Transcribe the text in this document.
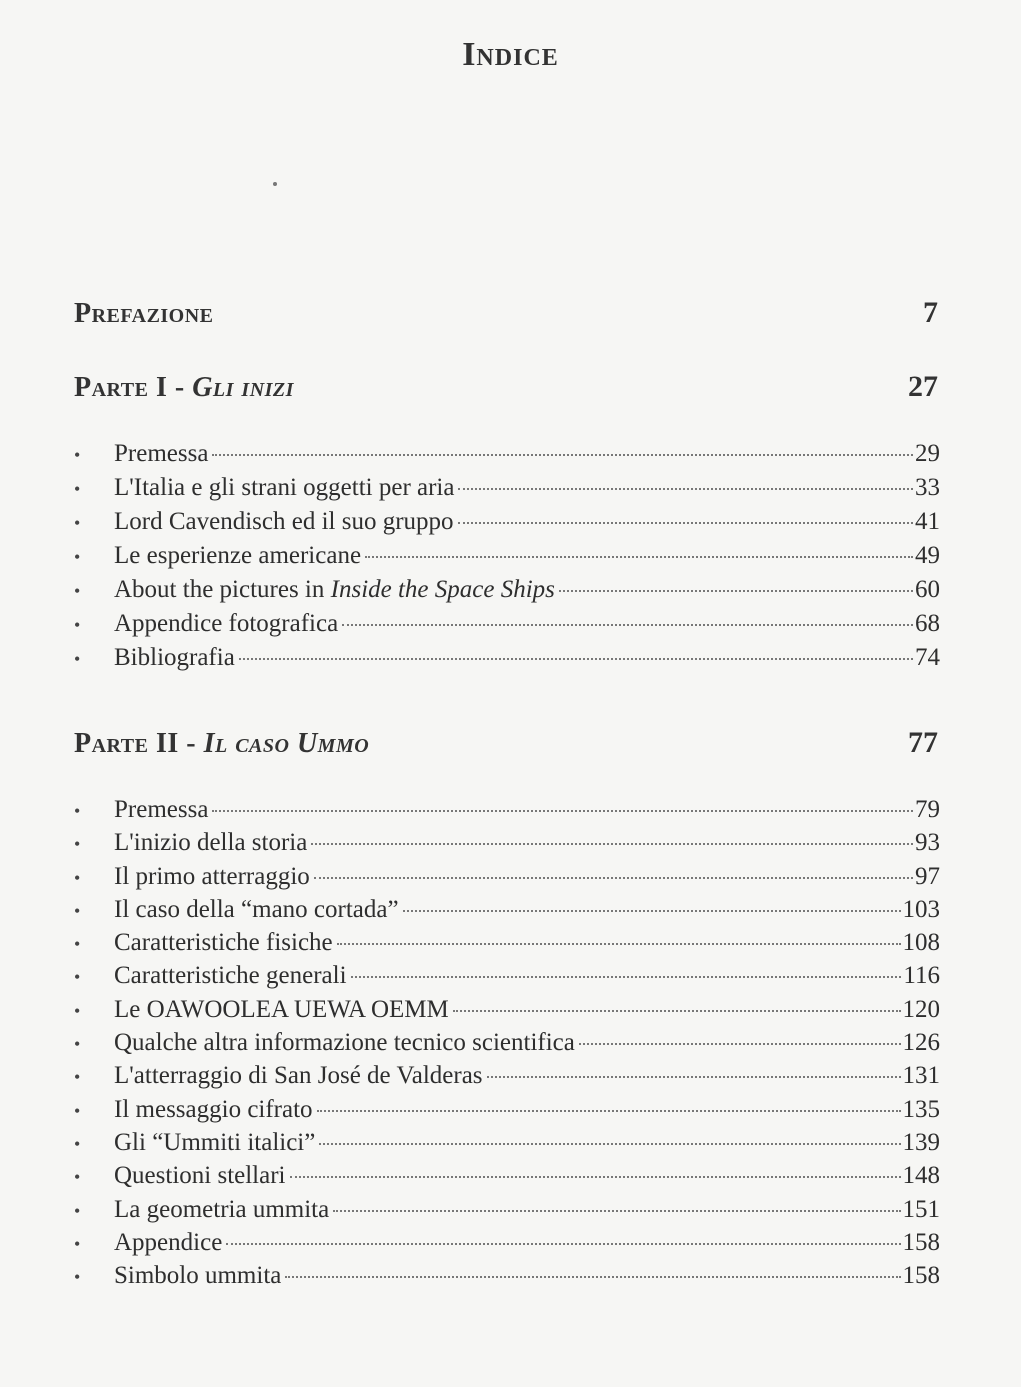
Indice
Prefazione	7
Parte I - Gli inizi	27
•	Premessa	29
•	L'Italia e gli strani oggetti per aria	33
•	Lord Cavendisch ed il suo gruppo	41
•	Le esperienze americane	49
•	About the pictures in Inside the Space Ships	60
•	Appendice fotografica	68
•	Bibliografia	74
Parte II - Il caso Ummo	77
•	Premessa	79
•	L'inizio della storia	93
•	Il primo atterraggio	97
•	Il caso della “mano cortada”	103
•	Caratteristiche fisiche	108
•	Caratteristiche generali	116
•	Le OAWOOLEA UEWA OEMM	120
•	Qualche altra informazione tecnico scientifica	126
•	L'atterraggio di San José de Valderas	131
•	Il messaggio cifrato	135
•	Gli “Ummiti italici”	139
•	Questioni stellari	148
•	La geometria ummita	151
•	Appendice	158
•	Simbolo ummita	158
